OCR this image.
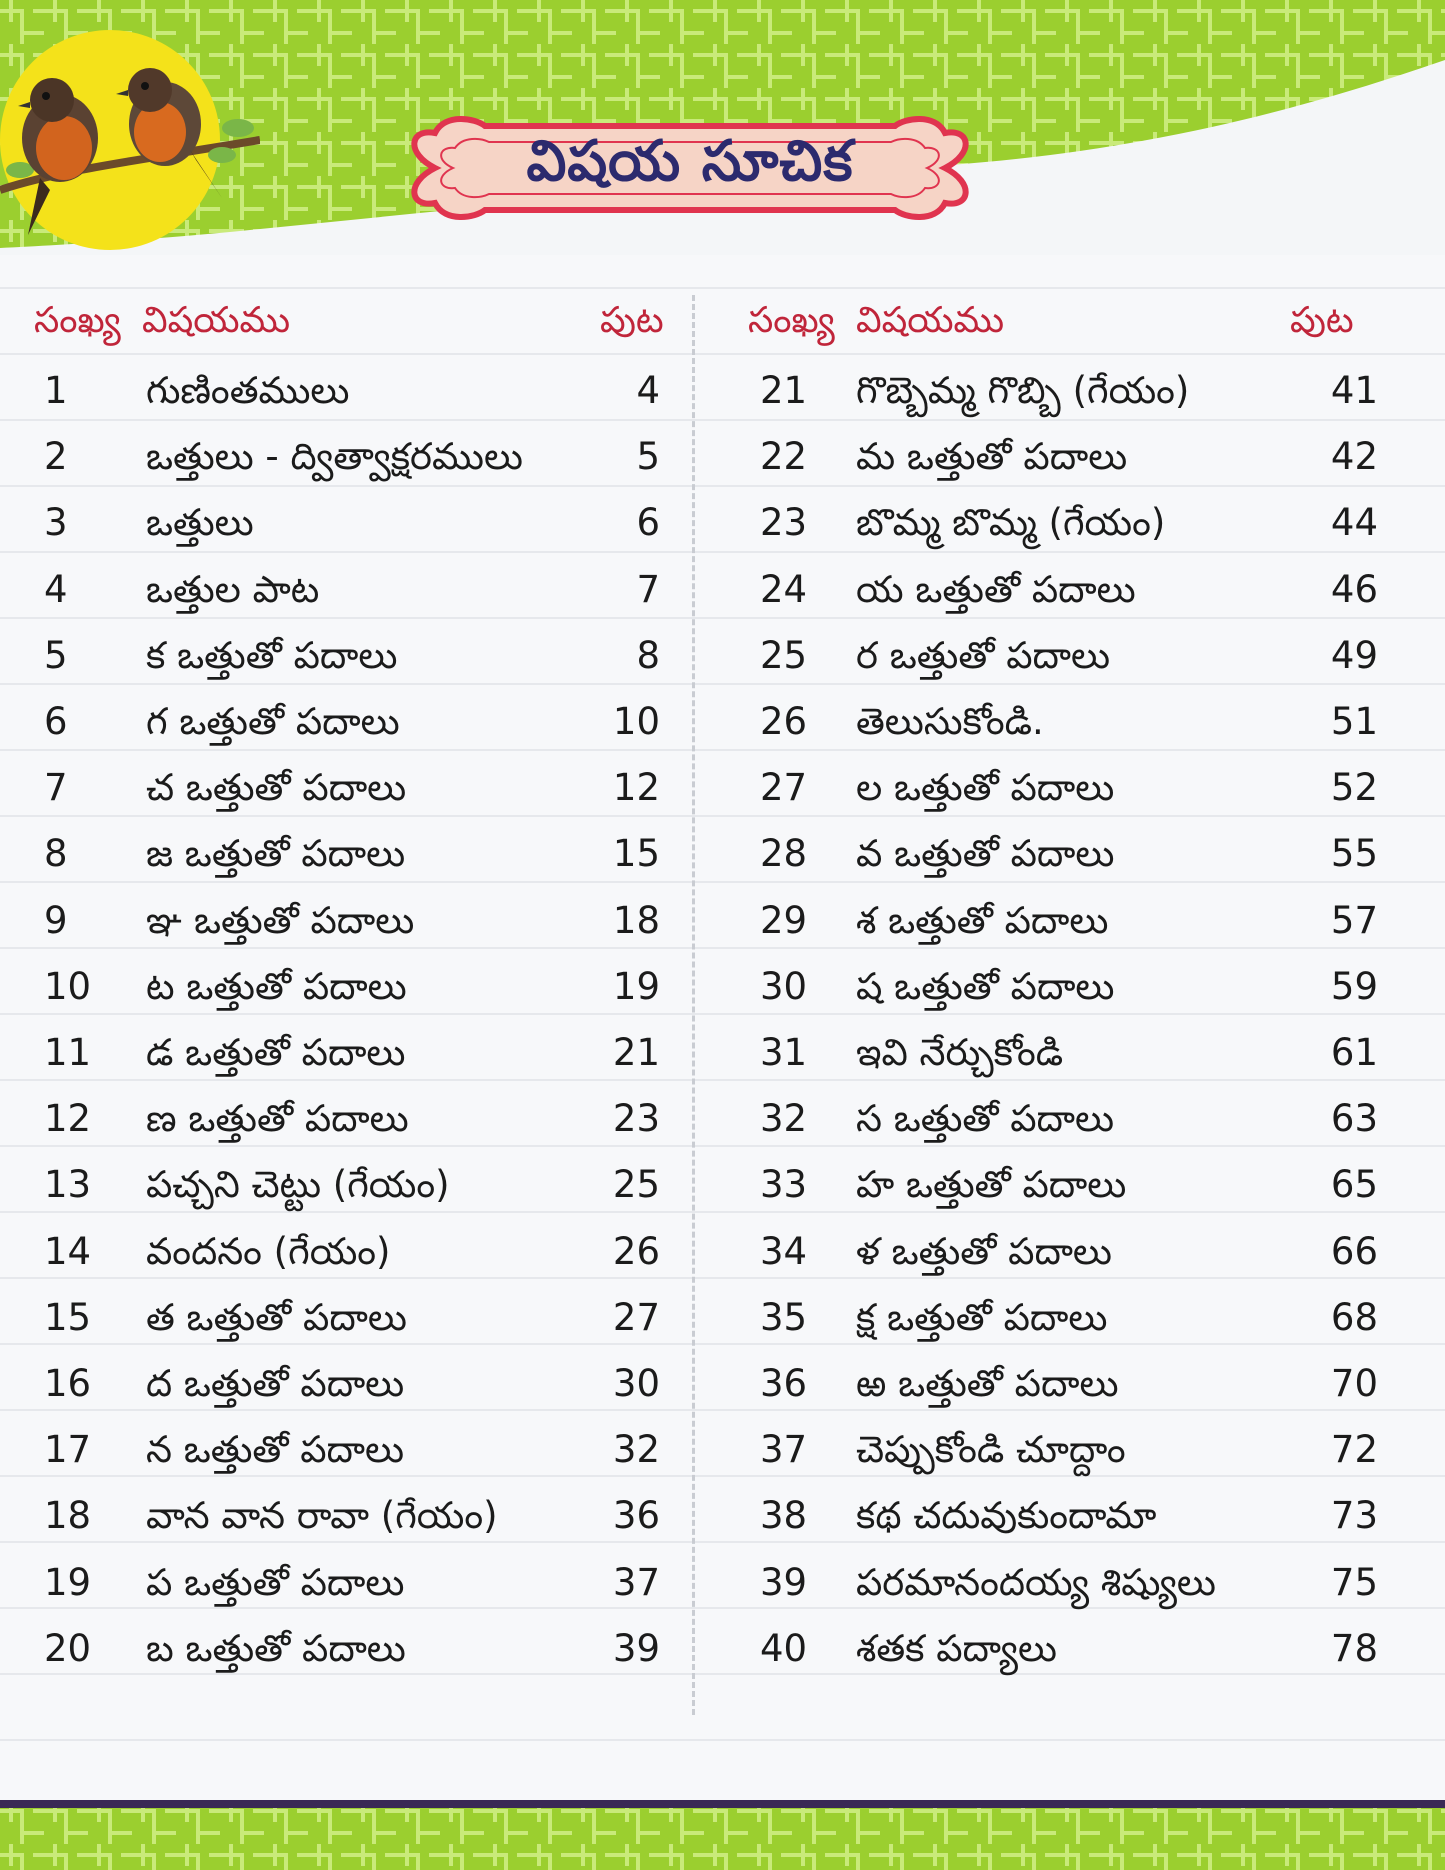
విషయ సూచిక
సంఖ్య విషయము	పుట సంఖ్య విషయము	పుట
1 గుణింతములు	4
2 ఒత్తులు - ద్విత్వాక్షరములు	5
3 ఒత్తులు	6
4 ఒత్తుల పాట	7
5 క ఒత్తుతో పదాలు	8
6 గ ఒత్తుతో పదాలు	10
7 చ ఒత్తుతో పదాలు	12
8 జ ఒత్తుతో పదాలు	15
9 ఞ ఒత్తుతో పదాలు	18
10 ట ఒత్తుతో పదాలు	19
11 డ ఒత్తుతో పదాలు	21
12 ణ ఒత్తుతో పదాలు	23
13 పచ్చని చెట్టు (గేయం)	25
14 వందనం (గేయం)	26
15 త ఒత్తుతో పదాలు	27
16 ద ఒత్తుతో పదాలు	30
17 న ఒత్తుతో పదాలు	32
18 వాన వాన రావా (గేయం)	36
19 ప ఒత్తుతో పదాలు	37
20 బ ఒత్తుతో పదాలు	39
21 గొబ్బెమ్మ గొబ్బి (గేయం)	41
22 మ ఒత్తుతో పదాలు	42
23 బొమ్మ బొమ్మ (గేయం)	44
24 య ఒత్తుతో పదాలు	46
25 ర ఒత్తుతో పదాలు	49
26 తెలుసుకోండి.	51
27 ల ఒత్తుతో పదాలు	52
28 వ ఒత్తుతో పదాలు	55
29 శ ఒత్తుతో పదాలు	57
30 ష ఒత్తుతో పదాలు	59
31 ఇవి నేర్చుకోండి	61
32 స ఒత్తుతో పదాలు	63
33 హ ఒత్తుతో పదాలు	65
34 ళ ఒత్తుతో పదాలు	66
35 క్ష ఒత్తుతో పదాలు	68
36 ఱ ఒత్తుతో పదాలు	70
37 చెప్పుకోండి చూద్దాం	72
38 కథ చదువుకుందామా	73
39 పరమానందయ్య శిష్యులు	75
40 శతక పద్యాలు	78
